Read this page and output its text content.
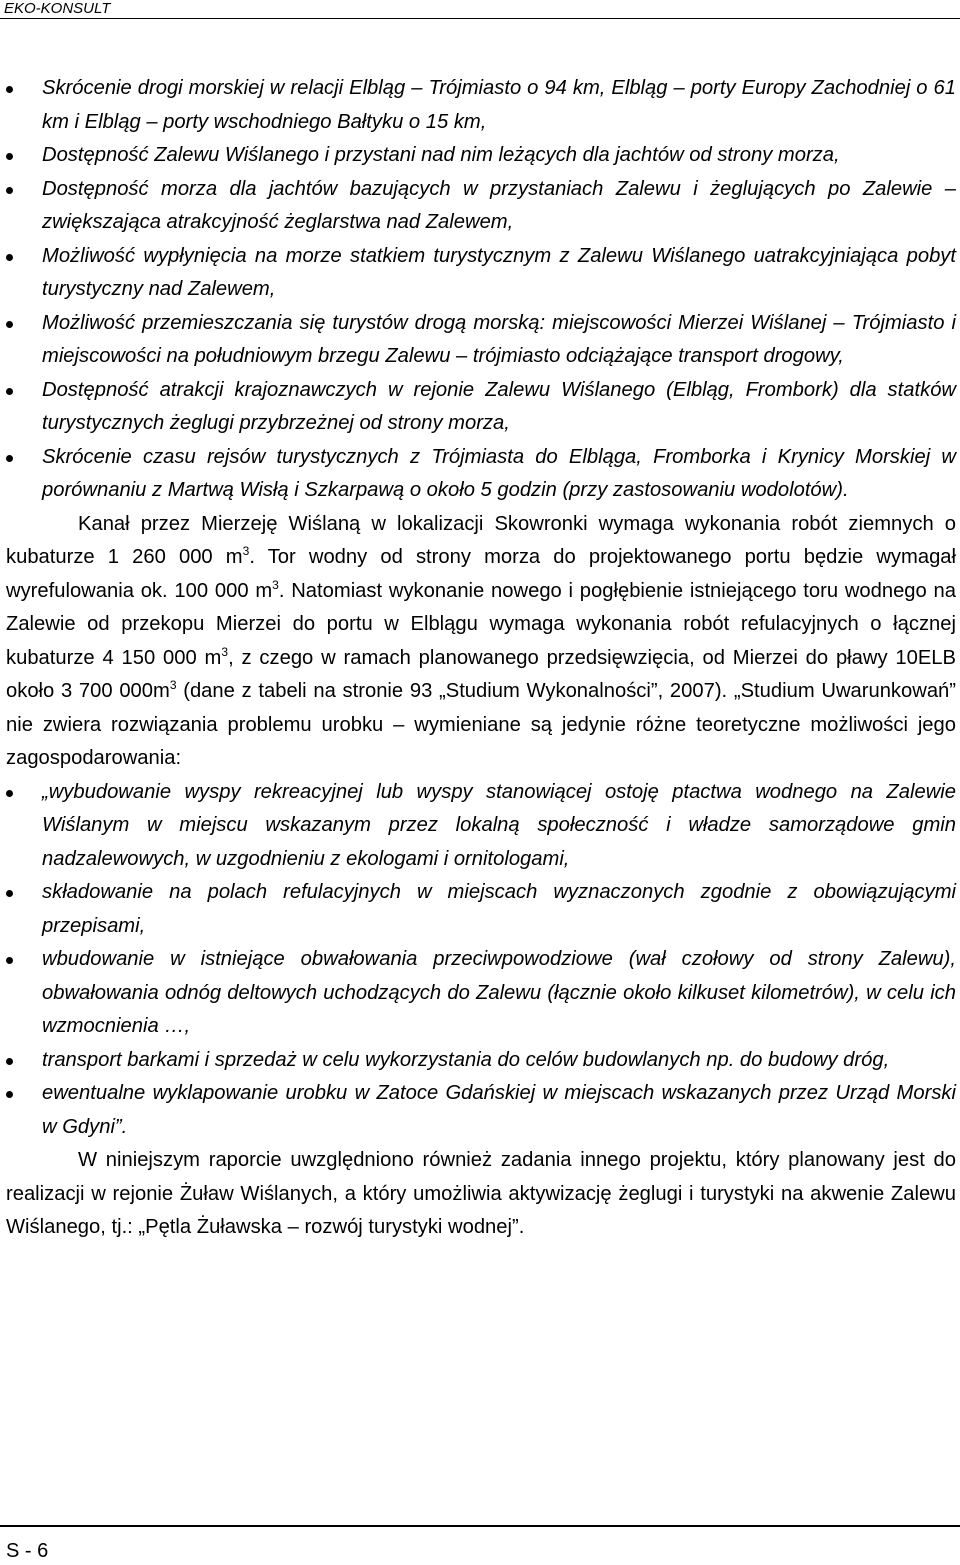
EKO-KONSULT
Skrócenie drogi morskiej w relacji Elbląg – Trójmiasto o 94 km, Elbląg – porty Europy Zachodniej o 61 km i Elbląg – porty wschodniego Bałtyku o 15 km,
Dostępność Zalewu Wiślanego i przystani nad nim leżących dla jachtów od strony morza,
Dostępność morza dla jachtów bazujących w przystaniach Zalewu i żeglujących po Zalewie – zwiększająca atrakcyjność żeglarstwa nad Zalewem,
Możliwość wypłynięcia na morze statkiem turystycznym z Zalewu Wiślanego uatrakcyjniająca pobyt turystyczny nad Zalewem,
Możliwość przemieszczania się turystów drogą morską: miejscowości Mierzei Wiślanej – Trójmiasto i miejscowości na południowym brzegu Zalewu – trójmiasto odciążające transport drogowy,
Dostępność atrakcji krajoznawczych w rejonie Zalewu Wiślanego (Elbląg, Frombork) dla statków turystycznych żeglugi przybrzeżnej od strony morza,
Skrócenie czasu rejsów turystycznych z Trójmiasta do Elbląga, Fromborka i Krynicy Morskiej w porównaniu z Martwą Wisłą i Szkarpawą o około 5 godzin (przy zastosowaniu wodolotów).

Kanał przez Mierzeję Wiślaną w lokalizacji Skowronki wymaga wykonania robót ziemnych o kubaturze 1 260 000 $m^3$. Tor wodny od strony morza do projektowanego portu będzie wymagał wyrefulowania ok. 100 000 $m^3$. Natomiast wykonanie nowego i pogłębienie istniejącego toru wodnego na Zalewie od przekopu Mierzei do portu w Elblągu wymaga wykonania robót refulacyjnych o łącznej kubaturze 4 150 000 $m^3$, z czego w ramach planowanego przedsięwzięcia, od Mierzei do pławy 10ELB około 3 700 $000m^3$ (dane z tabeli na stronie 93 „Studium Wykonalności”, 2007). „Studium Uwarunkowań” nie zwiera rozwiązania problemu urobku – wymieniane są jedynie różne teoretyczne możliwości jego zagospodarowania:

„wybudowanie wyspy rekreacyjnej lub wyspy stanowiącej ostoję ptactwa wodnego na Zalewie Wiślanym w miejscu wskazanym przez lokalną społeczność i władze samorządowe gmin nadzalewowych, w uzgodnieniu z ekologami i ornitologami,
składowanie na polach refulacyjnych w miejscach wyznaczonych zgodnie z obowiązującymi przepisami,
wbudowanie w istniejące obwałowania przeciwpowodziowe (wał czołowy od strony Zalewu), obwałowania odnóg deltowych uchodzących do Zalewu (łącznie około kilkuset kilometrów), w celu ich wzmocnienia …,
transport barkami i sprzedaż w celu wykorzystania do celów budowlanych np. do budowy dróg,
ewentualne wyklapowanie urobku w Zatoce Gdańskiej w miejscach wskazanych przez Urząd Morski w Gdyni”.

W niniejszym raporcie uwzględniono również zadania innego projektu, który planowany jest do realizacji w rejonie Żuław Wiślanych, a który umożliwia aktywizację żeglugi i turystyki na akwenie Zalewu Wiślanego, tj.: „Pętla Żuławska – rozwój turystyki wodnej”.

S - 6
